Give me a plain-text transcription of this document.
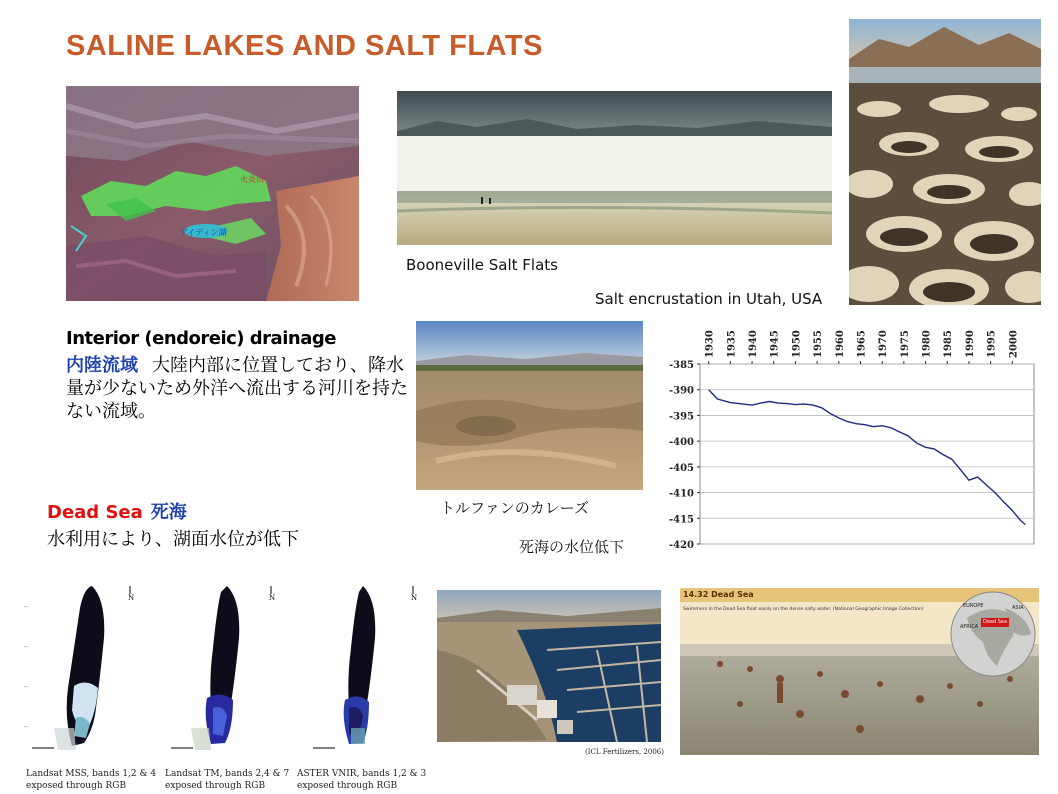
SALINE LAKES AND SALT FLATS
火炎山
アイディン湖
Booneville Salt Flats
Salt encrustation in Utah, USA
Interior (endoreic) drainage
内陸流域 大陸内部に位置しており、降水量が少ないため外洋へ流出する河川を持たない流域。
トルファンのカレーズ
-385
-390
-395
-400
-405
-410
-415
-420
1930 1935 1940 1945 1950 1955 1960 1965 1970 1975 1980 1985 1990 1995 2000
死海の水位低下
Dead Sea 死海
水利用により、湖面水位が低下
N
—
—
—
—
N	N
Landsat MSS, bands 1,2 & 4
exposed through RGB
Landsat TM, bands 2,4 & 7
exposed through RGB
ASTER VNIR, bands 1,2 & 3
exposed through RGB
(ICL Fertilizers, 2006)
14.32 Dead Sea
Swimmers in the Dead Sea float easily on the dense salty water. (National Geographic Image Collection)
EUROPE	ASIA
AFRICA
Dead Sea
